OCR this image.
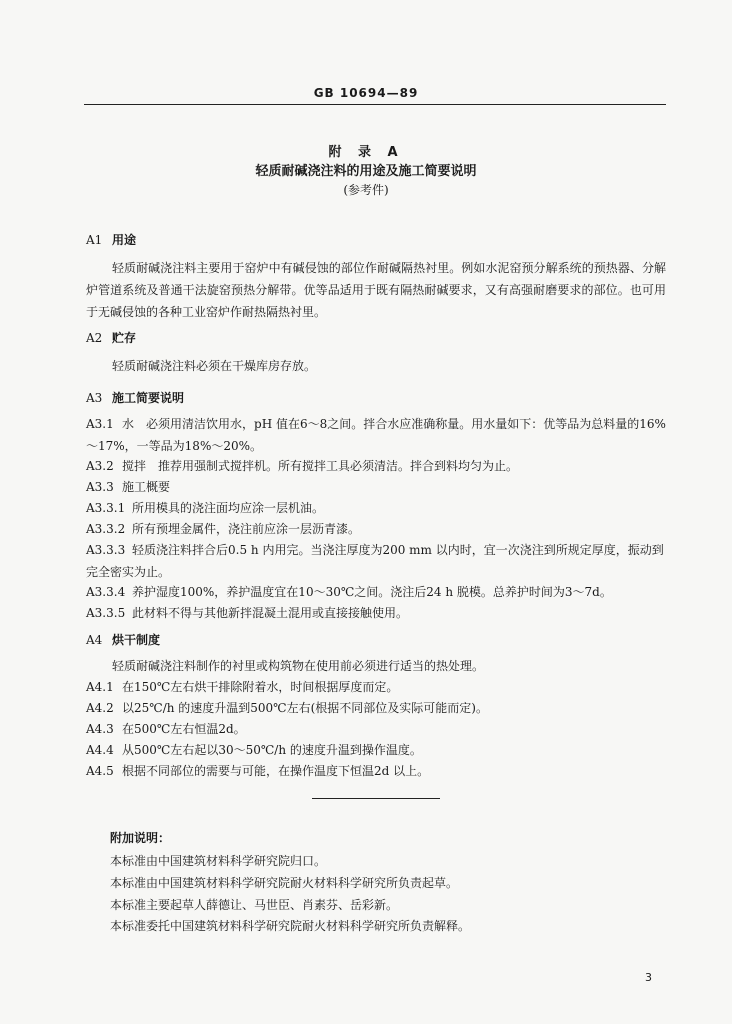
GB 10694—89
附 录 A
轻质耐碱浇注料的用途及施工简要说明
(参考件)
A1 用途
轻质耐碱浇注料主要用于窑炉中有碱侵蚀的部位作耐碱隔热衬里。例如水泥窑预分解系统的预热器、分解炉管道系统及普通干法旋窑预热分解带。优等品适用于既有隔热耐碱要求，又有高强耐磨要求的部位。也可用于无碱侵蚀的各种工业窑炉作耐热隔热衬里。
A2 贮存
轻质耐碱浇注料必须在干燥库房存放。
A3 施工简要说明
A3.1 水 必须用清洁饮用水，pH 值在6～8之间。拌合水应准确称量。用水量如下：优等品为总料量的16%～17%，一等品为18%～20%。
A3.2 搅拌 推荐用强制式搅拌机。所有搅拌工具必须清洁。拌合到料均匀为止。
A3.3 施工概要
A3.3.1 所用模具的浇注面均应涂一层机油。
A3.3.2 所有预埋金属件，浇注前应涂一层沥青漆。
A3.3.3 轻质浇注料拌合后0.5 h 内用完。当浇注厚度为200 mm 以内时，宜一次浇注到所规定厚度，振动到完全密实为止。
A3.3.4 养护湿度100%，养护温度宜在10～30℃之间。浇注后24 h 脱模。总养护时间为3～7d。
A3.3.5 此材料不得与其他新拌混凝土混用或直接接触使用。
A4 烘干制度
轻质耐碱浇注料制作的衬里或构筑物在使用前必须进行适当的热处理。
A4.1 在150℃左右烘干排除附着水，时间根据厚度而定。
A4.2 以25℃/h 的速度升温到500℃左右(根据不同部位及实际可能而定)。
A4.3 在500℃左右恒温2d。
A4.4 从500℃左右起以30～50℃/h 的速度升温到操作温度。
A4.5 根据不同部位的需要与可能，在操作温度下恒温2d 以上。
附加说明：
本标准由中国建筑材料科学研究院归口。
本标准由中国建筑材料科学研究院耐火材料科学研究所负责起草。
本标准主要起草人薛德让、马世臣、肖素芬、岳彩新。
本标准委托中国建筑材料科学研究院耐火材料科学研究所负责解释。
3
